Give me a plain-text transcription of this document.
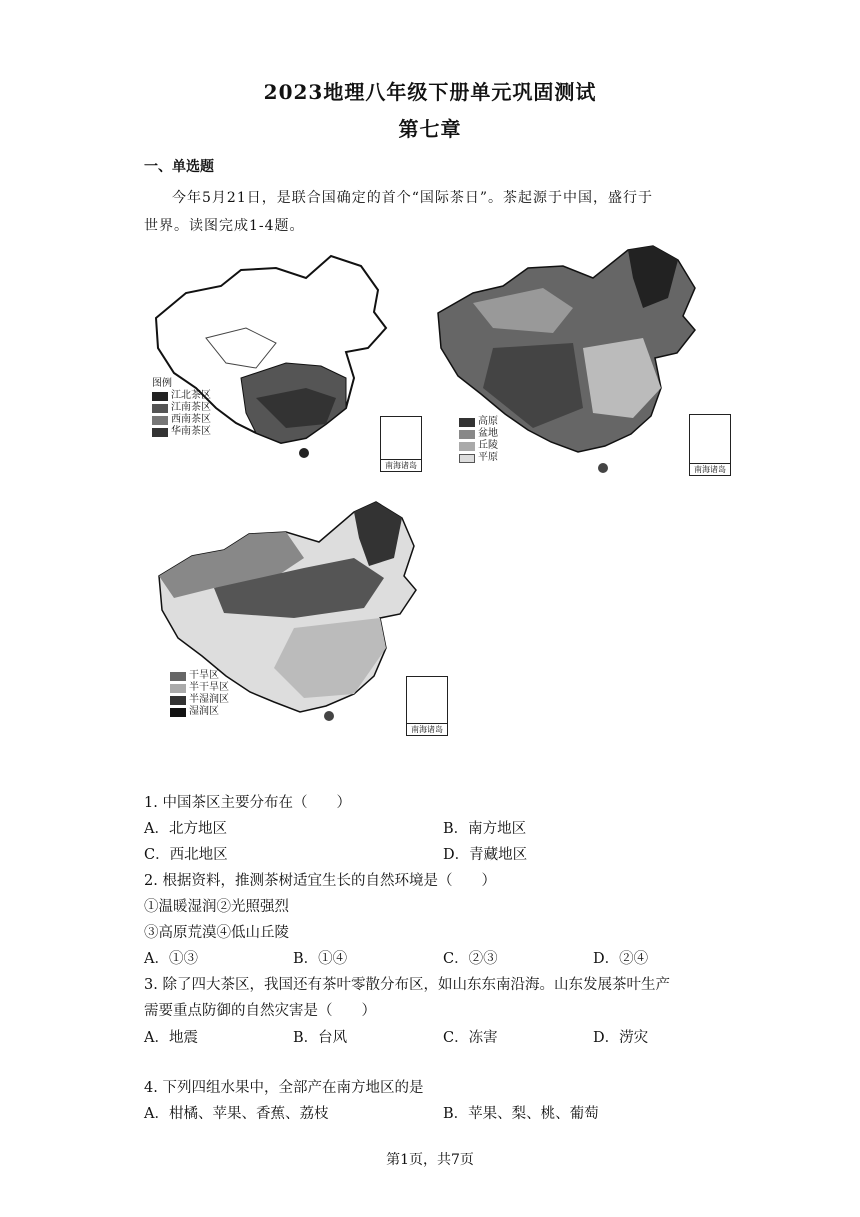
2023地理八年级下册单元巩固测试
第七章
一、单选题
今年5月21日，是联合国确定的首个“国际茶日”。茶起源于中国，盛行于
世界。读图完成1-4题。
图例
江北茶区
江南茶区
西南茶区
华南茶区
南海诸岛
高原
盆地
丘陵
平原
南海诸岛
干旱区
半干旱区
半湿润区
湿润区
南海诸岛
1. 中国茶区主要分布在（　　）
A．北方地区	B．南方地区
C．西北地区	D．青藏地区
2. 根据资料，推测茶树适宜生长的自然环境是（　　）
①温暖湿润②光照强烈
③高原荒漠④低山丘陵
A．①③	B．①④	C．②③	D．②④
3. 除了四大茶区，我国还有茶叶零散分布区，如山东东南沿海。山东发展茶叶生产
需要重点防御的自然灾害是（　　）
A．地震	B．台风	C．冻害	D．涝灾
4. 下列四组水果中，全部产在南方地区的是
A．柑橘、苹果、香蕉、荔枝	B．苹果、梨、桃、葡萄
第1页，共7页
